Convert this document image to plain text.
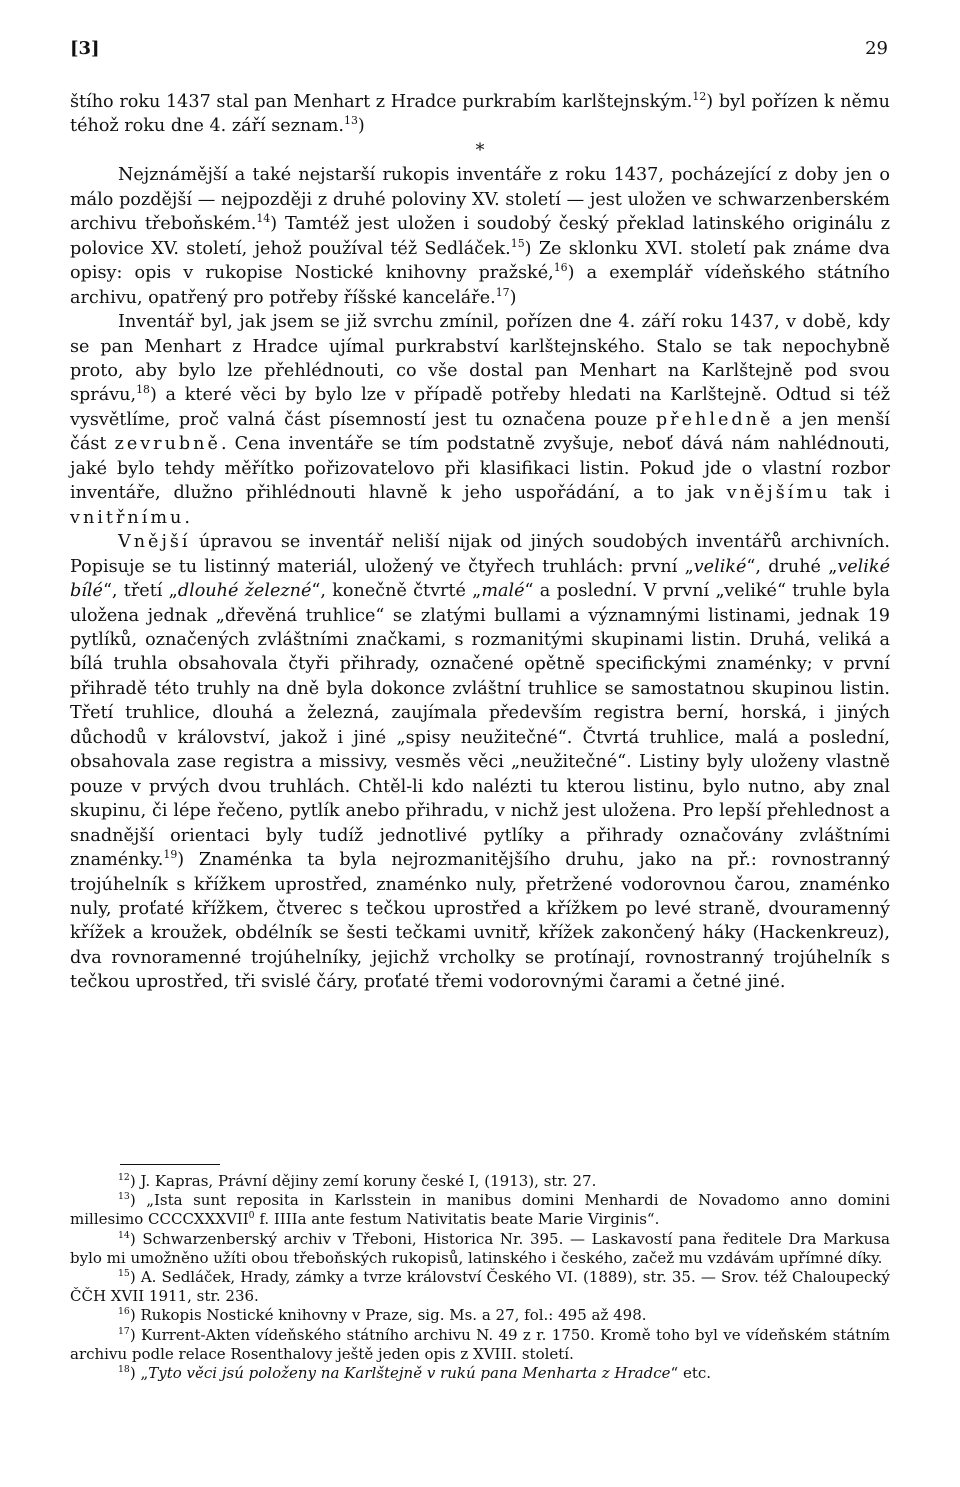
[3]	29

štího roku 1437 stal pan Menhart z Hradce purkrabím karlštejnským.$^{12}$) byl pořízen k němu téhož roku dne 4. září seznam.$^{13}$)

*

Nejznámější a také nejstarší rukopis inventáře z roku 1437, pocházející z doby jen o málo pozdější — nejpozději z druhé poloviny XV. století — jest uložen ve schwarzenberském archivu třeboňském.$^{14}$) Tamtéž jest uložen i soudobý český překlad latinského originálu z polovice XV. století, jehož používal též Sedláček.$^{15}$) Ze sklonku XVI. století pak známe dva opisy: opis v rukopise Nostické knihovny pražské,$^{16}$) a exemplář vídeňského státního archivu, opatřený pro potřeby říšské kanceláře.$^{17}$)

Inventář byl, jak jsem se již svrchu zmínil, pořízen dne 4. září roku 1437, v době, kdy se pan Menhart z Hradce ujímal purkrabství karlštejnského. Stalo se tak nepochybně proto, aby bylo lze přehlédnouti, co vše dostal pan Menhart na Karlštejně pod svou správu,$^{18}$) a které věci by bylo lze v případě potřeby hledati na Karlštejně. Odtud si též vysvětlíme, proč valná část písemností jest tu označena pouze přehledně a jen menší část zevrubně. Cena inventáře se tím podstatně zvyšuje, neboť dává nám nahlédnouti, jaké bylo tehdy měřítko pořizovatelovo při klasifikaci listin. Pokud jde o vlastní rozbor inventáře, dlužno přihlédnouti hlavně k jeho uspořádání, a to jak vnějšímu tak i vnitřnímu.

Vnější úpravou se inventář neliší nijak od jiných soudobých inventářů archivních. Popisuje se tu listinný materiál, uložený ve čtyřech truhlách: první „veliké“, druhé „veliké bílé“, třetí „dlouhé železné“, konečně čtvrté „malé“ a poslední. V první „veliké“ truhle byla uložena jednak „dřevěná truhlice“ se zlatými bullami a významnými listinami, jednak 19 pytlíků, označených zvláštními značkami, s rozmanitými skupinami listin. Druhá, veliká a bílá truhla obsahovala čtyři přihrady, označené opětně specifickými znaménky; v první přihradě této truhly na dně byla dokonce zvláštní truhlice se samostatnou skupinou listin. Třetí truhlice, dlouhá a železná, zaujímala především registra berní, horská, i jiných důchodů v království, jakož i jiné „spisy neužitečné“. Čtvrtá truhlice, malá a poslední, obsahovala zase registra a missivy, vesměs věci „neužitečné“. Listiny byly uloženy vlastně pouze v prvých dvou truhlách. Chtěl-li kdo nalézti tu kterou listinu, bylo nutno, aby znal skupinu, či lépe řečeno, pytlík anebo přihradu, v nichž jest uložena. Pro lepší přehlednost a snadnější orientaci byly tudíž jednotlivé pytlíky a přihrady označovány zvláštními znaménky.$^{19}$) Znaménka ta byla nejrozmanitějšího druhu, jako na př.: rovnostranný trojúhelník s křížkem uprostřed, znaménko nuly, přetržené vodorovnou čarou, znaménko nuly, proťaté křížkem, čtverec s tečkou uprostřed a křížkem po levé straně, dvouramenný křížek a kroužek, obdélník se šesti tečkami uvnitř, křížek zakončený háky (Hackenkreuz), dva rovnoramenné trojúhelníky, jejichž vrcholky se protínají, rovnostranný trojúhelník s tečkou uprostřed, tři svislé čáry, proťaté třemi vodorovnými čarami a četné jiné.

$^{12}$) J. Kapras, Právní dějiny zemí koruny české I, (1913), str. 27.

$^{13}$) „Ista sunt reposita in Karlsstein in manibus domini Menhardi de Novadomo anno domini millesimo CCCCXXXVII$^0$ f. IIIIa ante festum Nativitatis beate Marie Virginis“.

$^{14}$) Schwarzenberský archiv v Třeboni, Historica Nr. 395. — Laskavostí pana ředitele Dra Markusa bylo mi umožněno užíti obou třeboňských rukopisů, latinského i českého, začež mu vzdávám upřímné díky.

$^{15}$) A. Sedláček, Hrady, zámky a tvrze království Českého VI. (1889), str. 35. — Srov. též Chaloupecký ČČH XVII 1911, str. 236.

$^{16}$) Rukopis Nostické knihovny v Praze, sig. Ms. a 27, fol.: 495 až 498.

$^{17}$) Kurrent-Akten vídeňského státního archivu N. 49 z r. 1750. Kromě toho byl ve vídeňském státním archivu podle relace Rosenthalovy ještě jeden opis z XVIII. století.

$^{18}$) „Tyto věci jsú položeny na Karlštejně v rukú pana Menharta z Hradce“ etc.
